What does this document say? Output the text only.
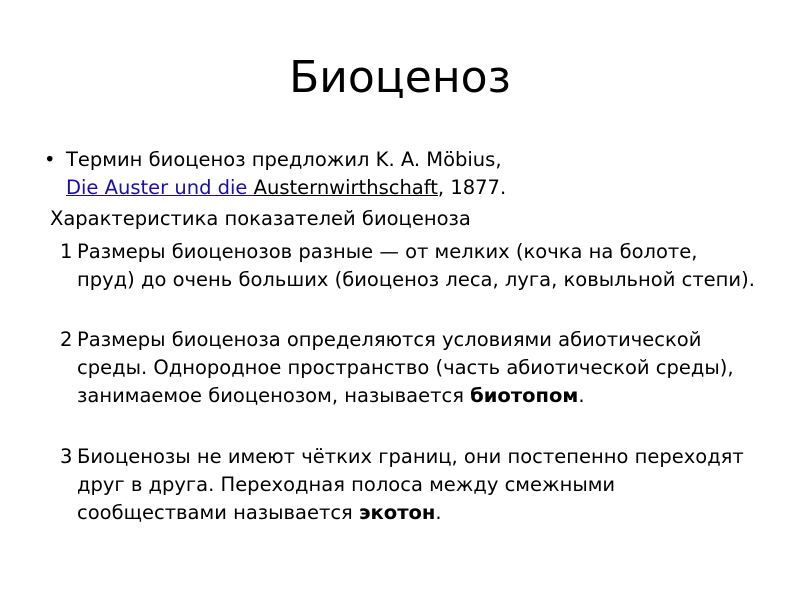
Биоценоз
• Термин биоценоз предложил K. A. Möbius,
Die Auster und die Austernwirthschaft, 1877.
Характеристика показателей биоценоза
1 Размеры биоценозов разные — от мелких (кочка на болоте, пруд) до очень больших (биоценоз леса, луга, ковыльной степи).
2 Размеры биоценоза определяются условиями абиотической среды. Однородное пространство (часть абиотической среды), занимаемое биоценозом, называется биотопом.
3 Биоценозы не имеют чётких границ, они постепенно переходят друг в друга. Переходная полоса между смежными сообществами называется экотон.
